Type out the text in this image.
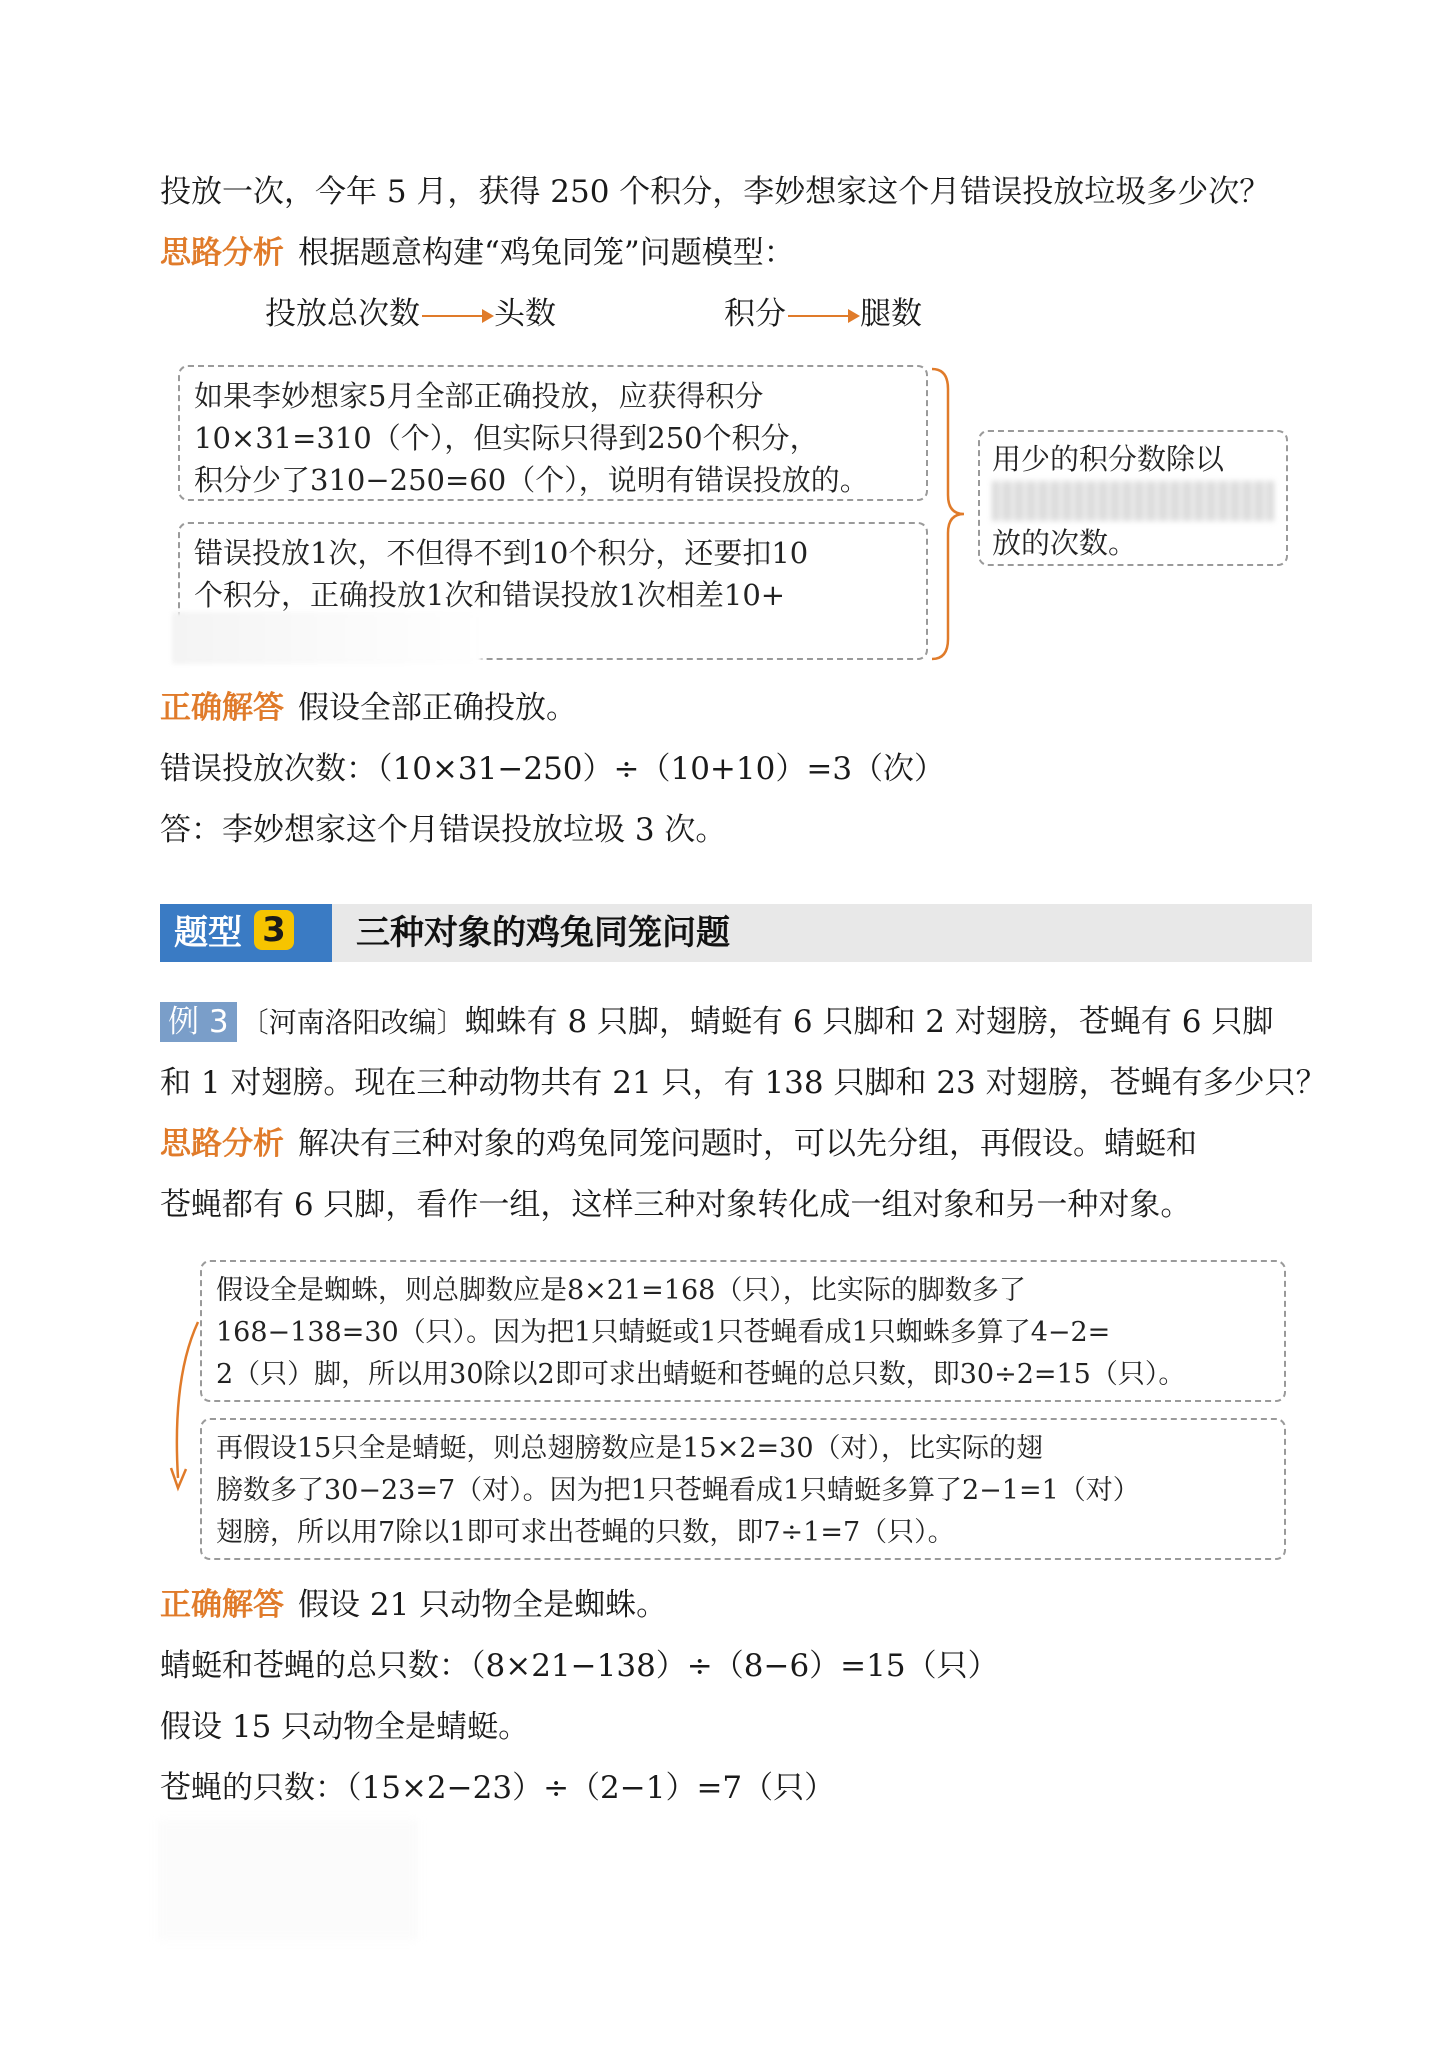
投放一次，今年 5 月，获得 250 个积分，李妙想家这个月错误投放垃圾多少次？
思路分析 根据题意构建“鸡兔同笼”问题模型：
投放总次数 头数	积分 腿数

如果李妙想家5月全部正确投放，应获得积分

10×31=310（个），但实际只得到250个积分，

积分少了310−250=60（个），说明有错误投放的。

错误投放1次，不但得不到10个积分，还要扣10

个积分，正确投放1次和错误投放1次相差10+

用少的积分数除以

放的次数。

正确解答 假设全部正确投放。
错误投放次数：（10×31−250）÷（10+10）=3（次）
答：李妙想家这个月错误投放垃圾 3 次。
题型 3	三种对象的鸡兔同笼问题
例 3 〔河南洛阳改编〕蜘蛛有 8 只脚，蜻蜓有 6 只脚和 2 对翅膀，苍蝇有 6 只脚
和 1 对翅膀。现在三种动物共有 21 只，有 138 只脚和 23 对翅膀，苍蝇有多少只？
思路分析 解决有三种对象的鸡兔同笼问题时，可以先分组，再假设。蜻蜓和
苍蝇都有 6 只脚，看作一组，这样三种对象转化成一组对象和另一种对象。

假设全是蜘蛛，则总脚数应是8×21=168（只），比实际的脚数多了

168−138=30（只）。因为把1只蜻蜓或1只苍蝇看成1只蜘蛛多算了4−2=

2（只）脚，所以用30除以2即可求出蜻蜓和苍蝇的总只数，即30÷2=15（只）。

再假设15只全是蜻蜓，则总翅膀数应是15×2=30（对），比实际的翅

膀数多了30−23=7（对）。因为把1只苍蝇看成1只蜻蜓多算了2−1=1（对）

翅膀，所以用7除以1即可求出苍蝇的只数，即7÷1=7（只）。

正确解答 假设 21 只动物全是蜘蛛。
蜻蜓和苍蝇的总只数：（8×21−138）÷（8−6）=15（只）
假设 15 只动物全是蜻蜓。
苍蝇的只数：（15×2−23）÷（2−1）=7（只）
